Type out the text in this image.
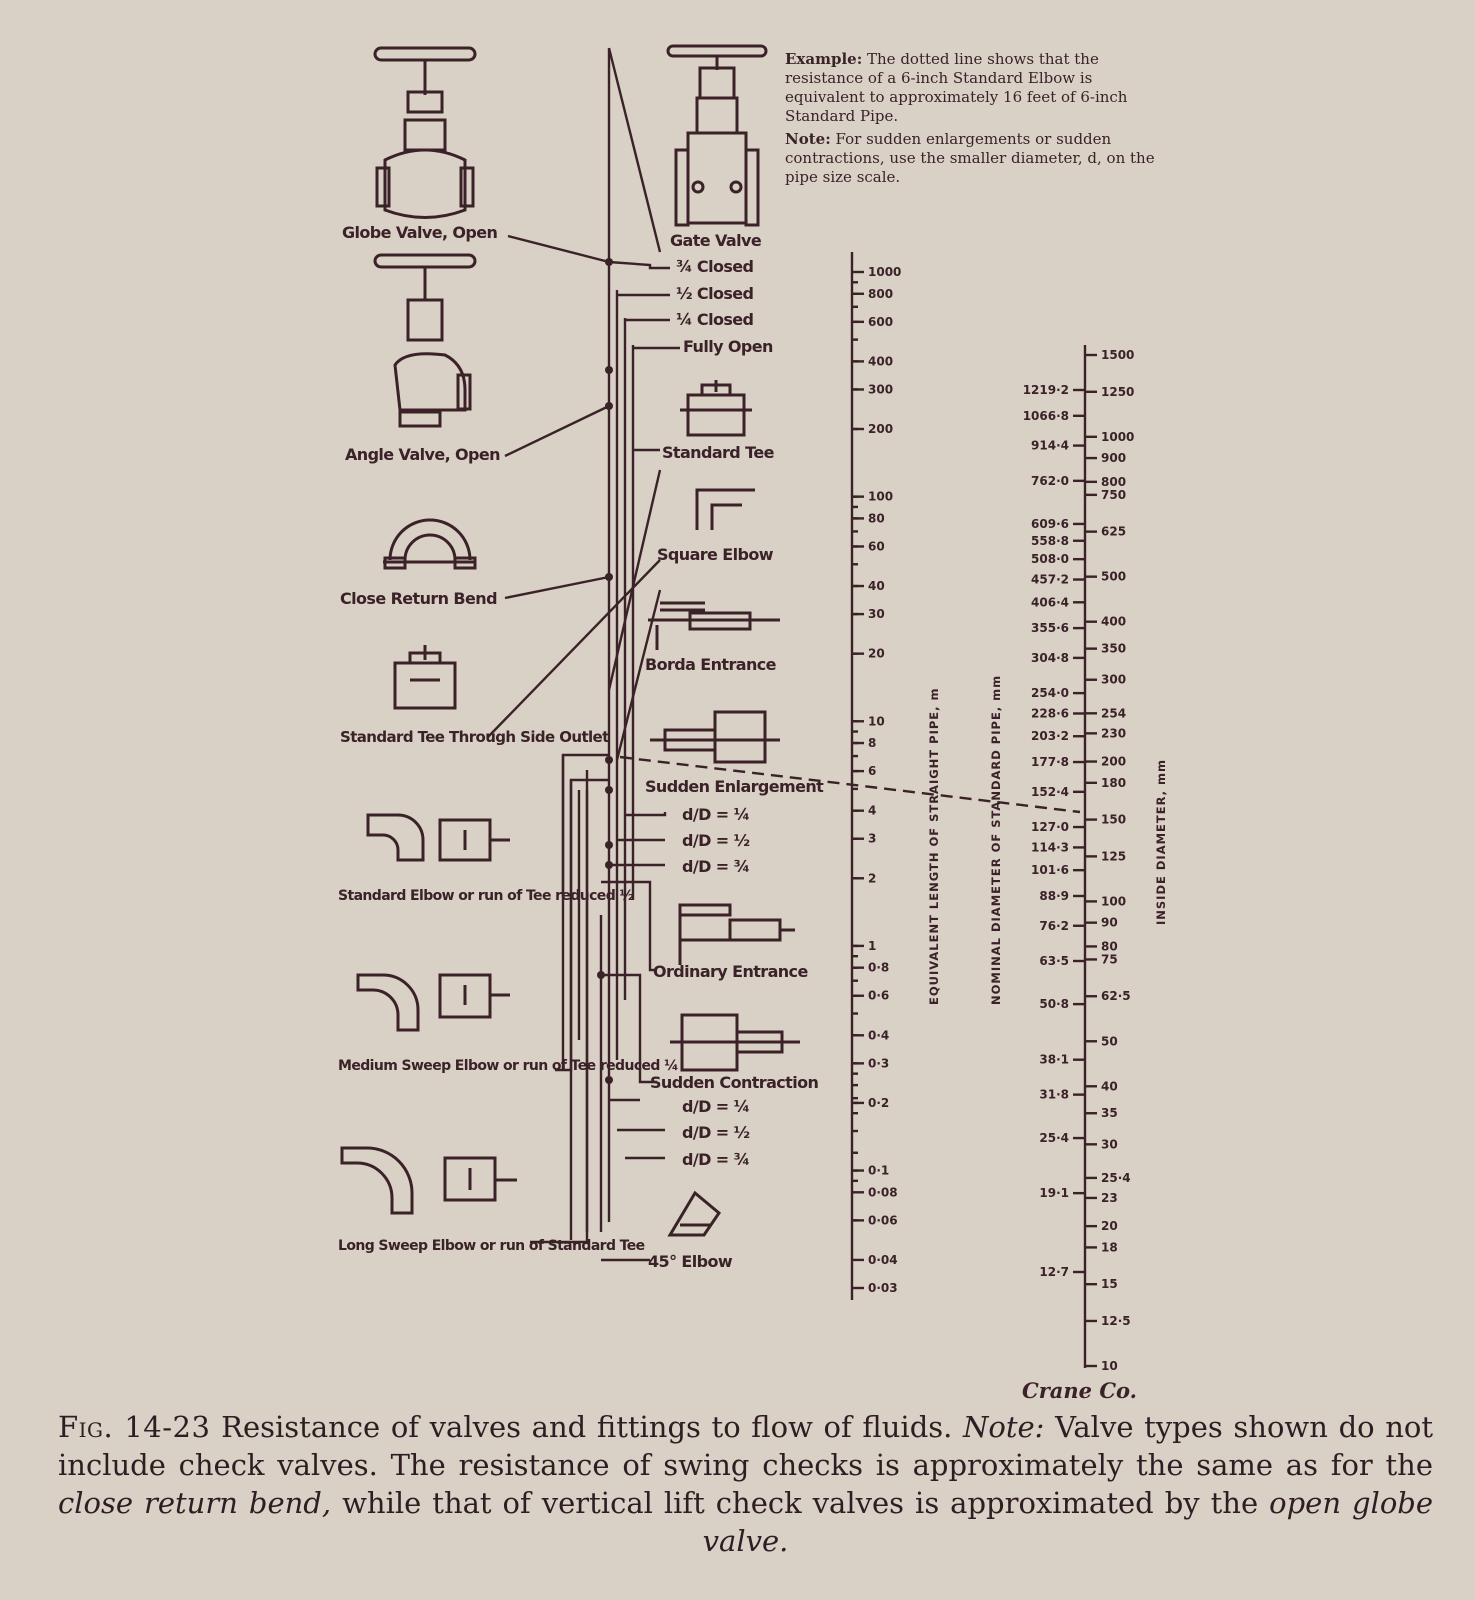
Globe Valve, Open
Angle Valve, Open
Close Return Bend
Standard Tee Through Side Outlet
Standard Elbow or run of Tee reduced ½
Medium Sweep Elbow or run of Tee reduced ¼
Long Sweep Elbow or run of Standard Tee
Gate Valve
¾ Closed
½ Closed
¼ Closed
Fully Open
Standard Tee
Square Elbow
Borda Entrance
Sudden Enlargement
d/D = ¼
d/D = ½
d/D = ¾
Ordinary Entrance
Sudden Contraction
d/D = ¼
d/D = ½
d/D = ¾
45° Elbow
Example: The dotted line shows that the resistance of a 6-inch Standard Elbow is equivalent to approximately 16 feet of 6-inch Standard Pipe.
Note: For sudden enlargements or sudden contractions, use the smaller diameter, d, on the pipe size scale.
1000
800
600
400
300
200
100
80
60
40
30
20
10
8
6
4
3
2
1
0·8
0·6
0·4
0·3
0·2
0·1
0·08
0·06
0·04
0·03
1219·2
1066·8
914·4
762·0
609·6
558·8
508·0
457·2
406·4
355·6
304·8
254·0
228·6
203·2
177·8
152·4
127·0
114·3
101·6
88·9
76·2
63·5
50·8
38·1
31·8
25·4
19·1
12·7
1500
1250
1000
900
800
750
625
500
400
350
300
254
230
200
180
150
125
100
90
80
75
62·5
50
40
35
30
25·4
23
20
18
15
12·5
10
EQUIVALENT LENGTH OF STRAIGHT PIPE, m	NOMINAL DIAMETER OF STANDARD PIPE, mm	INSIDE DIAMETER, mm
Crane Co.
Fig. 14-23 Resistance of valves and fittings to flow of fluids. Note: Valve types shown do not include check valves. The resistance of swing checks is approximately the same as for the close return bend, while that of vertical lift check valves is approximated by the open globe valve.
